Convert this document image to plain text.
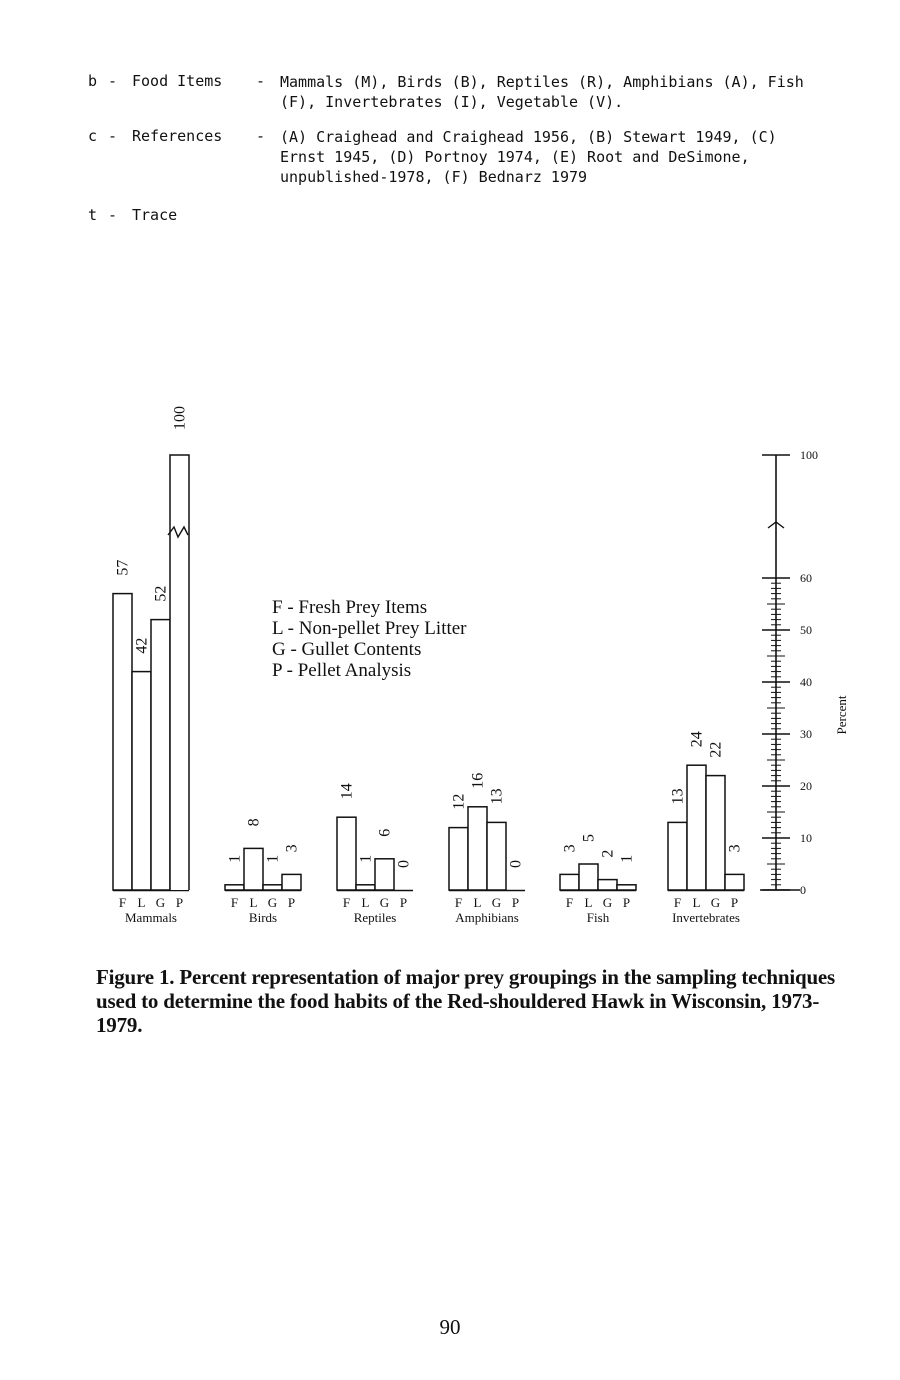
b - Food Items - Mammals (M), Birds (B), Reptiles (R), Amphibians (A), Fish (F), Invertebrates (I), Vegetable (V).
c - References - (A) Craighead and Craighead 1956, (B) Stewart 1949, (C) Ernst 1945, (D) Portnoy 1974, (E) Root and DeSimone, unpublished-1978, (F) Bednarz 1979
t - Trace
57
F
42
L
52
G
100
P
Mammals
1
F
8
L
1
G
3
P
Birds
14
F
1
L
6
G
0
P
Reptiles
12
F
16
L
13
G
0
P
Amphibians
3
F
5
L
2
G
1
P
Fish
13
F
24
L
22
G
3
P
Invertebrates
F - Fresh Prey Items
L - Non-pellet Prey Litter
G - Gullet Contents
P - Pellet Analysis
0
10
20
30
40
50
60
100
Percent
Figure 1. Percent representation of major prey groupings in the sampling techniques used to determine the food habits of the Red-shouldered Hawk in Wisconsin, 1973-1979.
90
